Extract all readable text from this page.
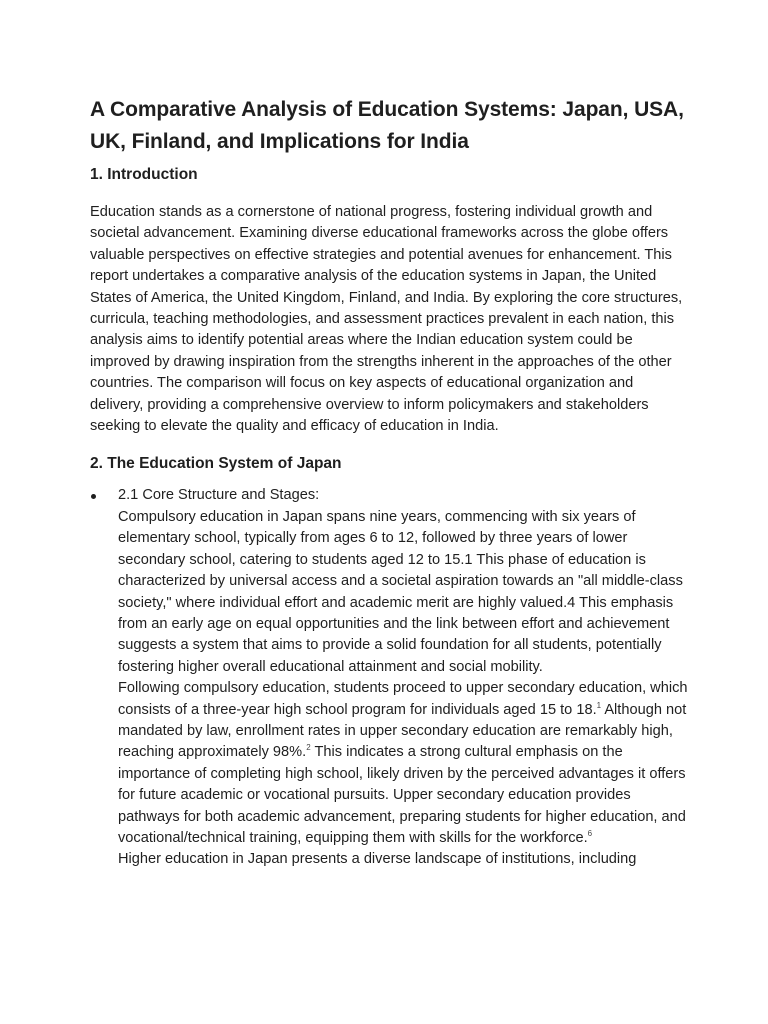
A Comparative Analysis of Education Systems: Japan, USA, UK, Finland, and Implications for India
1. Introduction

Education stands as a cornerstone of national progress, fostering individual growth and societal advancement. Examining diverse educational frameworks across the globe offers valuable perspectives on effective strategies and potential avenues for enhancement. This report undertakes a comparative analysis of the education systems in Japan, the United States of America, the United Kingdom, Finland, and India. By exploring the core structures, curricula, teaching methodologies, and assessment practices prevalent in each nation, this analysis aims to identify potential areas where the Indian education system could be improved by drawing inspiration from the strengths inherent in the approaches of the other countries. The comparison will focus on key aspects of educational organization and delivery, providing a comprehensive overview to inform policymakers and stakeholders seeking to elevate the quality and efficacy of education in India.

2. The Education System of Japan
2.1 Core Structure and Stages:
Compulsory education in Japan spans nine years, commencing with six years of elementary school, typically from ages 6 to 12, followed by three years of lower secondary school, catering to students aged 12 to 15.1 This phase of education is characterized by universal access and a societal aspiration towards an "all middle-class society," where individual effort and academic merit are highly valued.4 This emphasis from an early age on equal opportunities and the link between effort and achievement suggests a system that aims to provide a solid foundation for all students, potentially fostering higher overall educational attainment and social mobility.
Following compulsory education, students proceed to upper secondary education, which consists of a three-year high school program for individuals aged 15 to 18.$^1$ Although not mandated by law, enrollment rates in upper secondary education are remarkably high, reaching approximately 98%.$^2$ This indicates a strong cultural emphasis on the importance of completing high school, likely driven by the perceived advantages it offers for future academic or vocational pursuits. Upper secondary education provides pathways for both academic advancement, preparing students for higher education, and vocational/technical training, equipping them with skills for the workforce.$^6$
Higher education in Japan presents a diverse landscape of institutions, including
